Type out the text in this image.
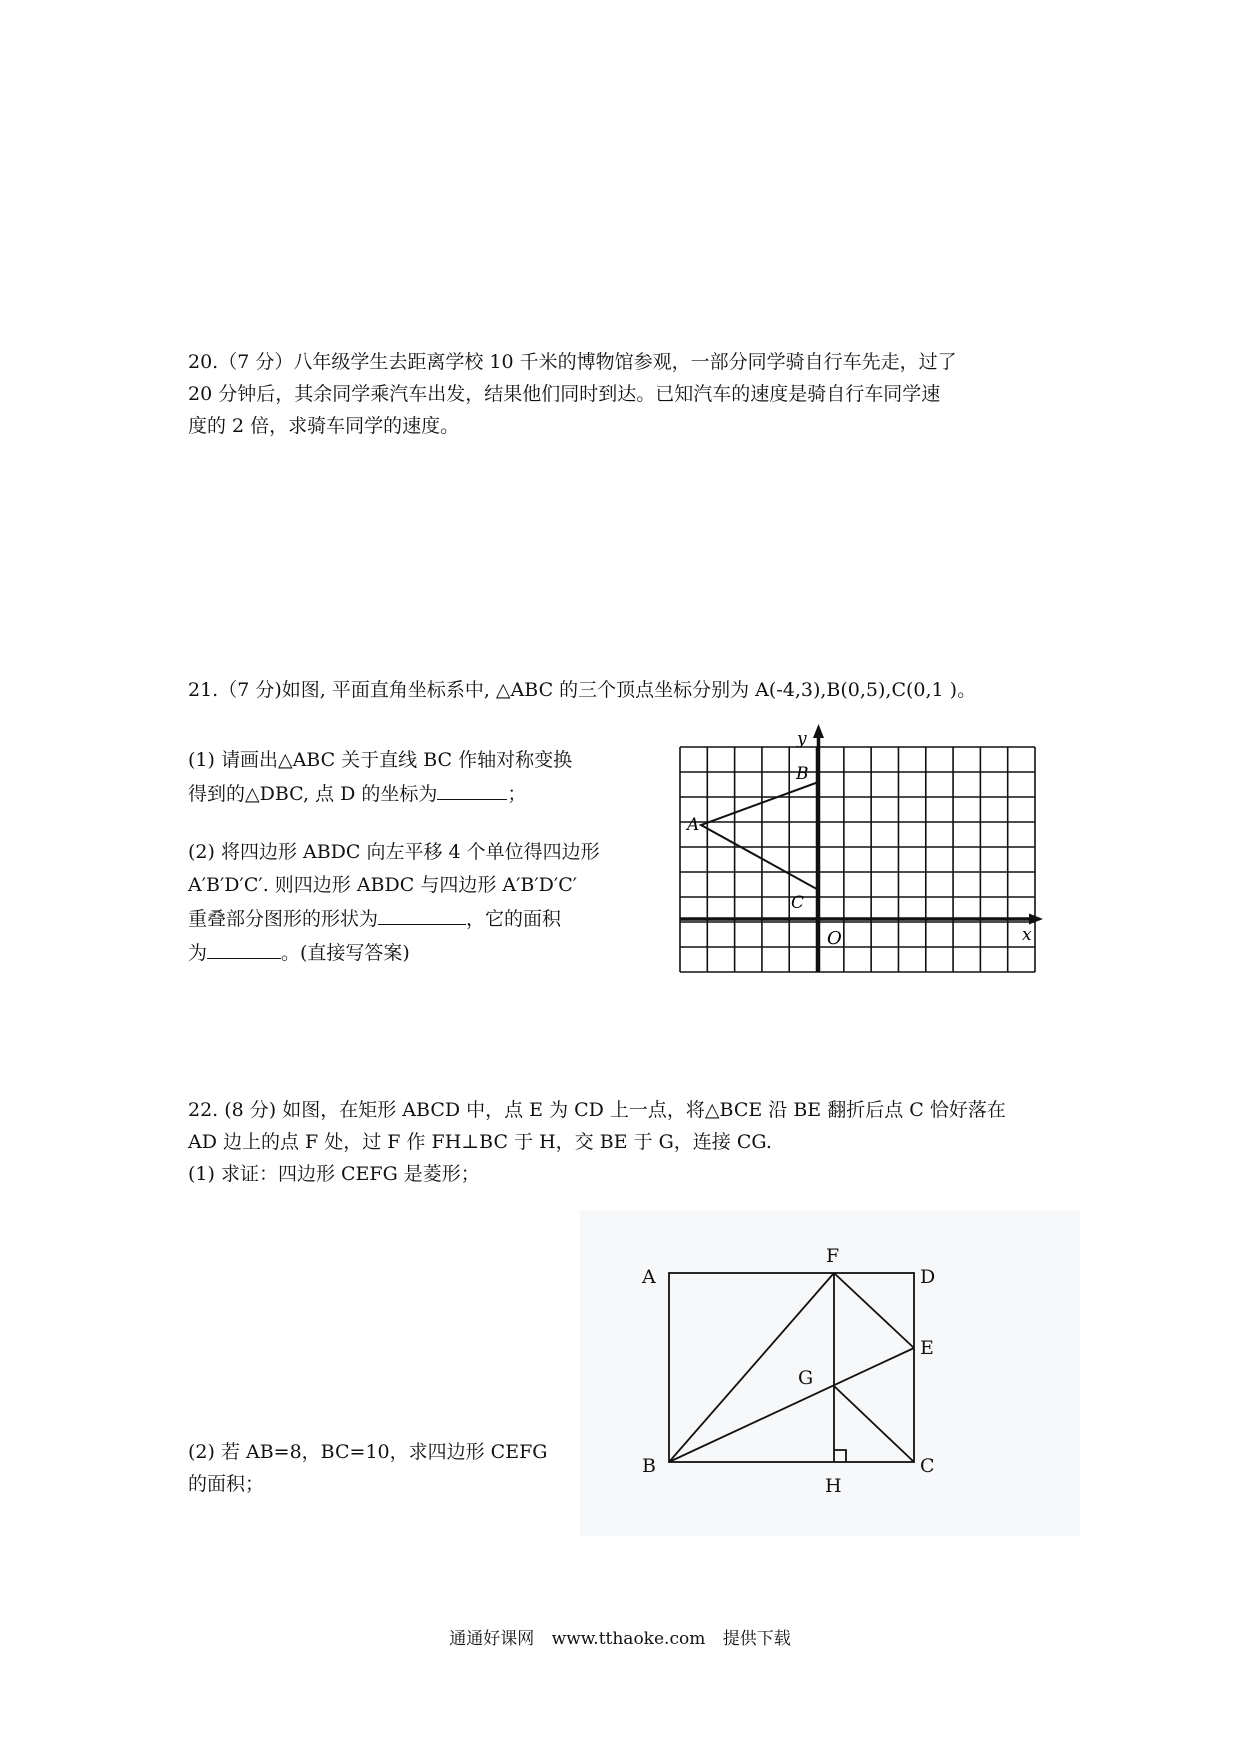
20.（7 分）八年级学生去距离学校 10 千米的博物馆参观，一部分同学骑自行车先走，过了
20 分钟后，其余同学乘汽车出发，结果他们同时到达。已知汽车的速度是骑自行车同学速
度的 2 倍，求骑车同学的速度。
21.（7 分)如图, 平面直角坐标系中, △ABC 的三个顶点坐标分别为 A(-4,3),B(0,5),C(0,1 )。
(1) 请画出△ABC 关于直线 BC 作轴对称变换
得到的△DBC, 点 D 的坐标为	；
(2) 将四边形 ABDC 向左平移 4 个单位得四边形
A′B′D′C′. 则四边形 ABDC 与四边形 A′B′D′C′
重叠部分图形的形状为	，它的面积
为	。(直接写答案)
y
x
O
B
A
C
22. (8 分) 如图，在矩形 ABCD 中，点 E 为 CD 上一点，将△BCE 沿 BE 翻折后点 C 恰好落在
AD 边上的点 F 处，过 F 作 FH⊥BC 于 H，交 BE 于 G，连接 CG.
(1) 求证：四边形 CEFG 是菱形；
(2) 若 AB=8，BC=10，求四边形 CEFG
的面积；
A
F
D
E
G
B	C
H
通通好课网 www.tthaoke.com 提供下载
